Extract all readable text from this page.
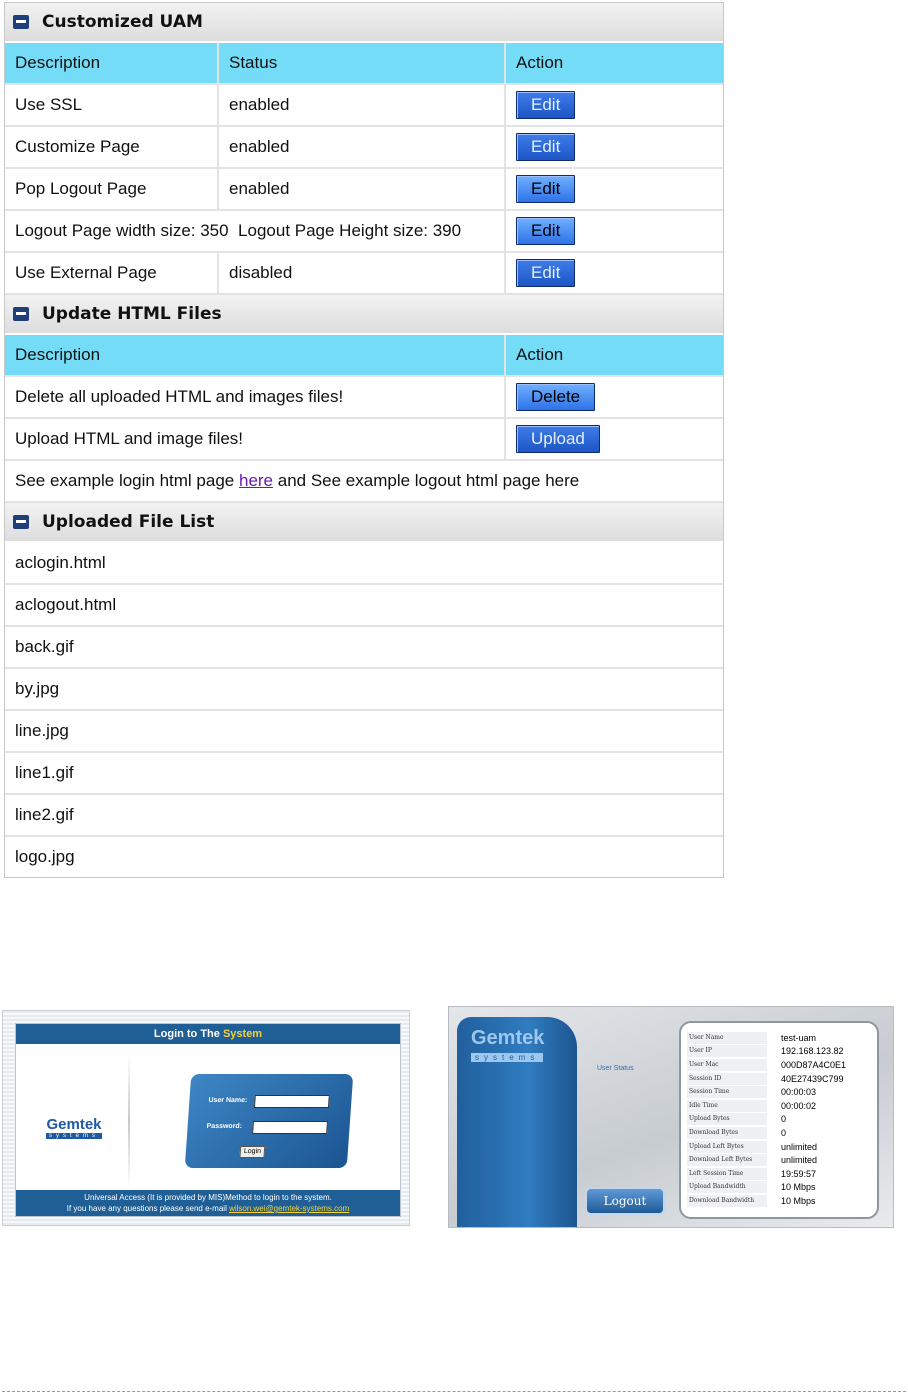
Customized UAM
Description	Status	Action
Use SSL	enabled	Edit
Customize Page	enabled	Edit
Pop Logout Page	enabled	Edit
Logout Page width size: 350  Logout Page Height size: 390	Edit
Use External Page	disabled	Edit
Update HTML Files
Description	Action
Delete all uploaded HTML and images files!	Delete
Upload HTML and image files!	Upload
See example login html page here and See example logout html page here
Uploaded File List
aclogin.html
aclogout.html
back.gif
by.jpg
line.jpg
line1.gif
line2.gif
logo.jpg
Login to The System
Gemtek
systems
User Name:
Password:
Login
Universal Access (It is provided by MIS)Method to login to the system.
If you have any questions please send e-mail wilson.wei@gemtek-systems.com
Gemtek
systems
User Status
Logout
User Name	test-uam
User IP	192.168.123.82
User Mac	000D87A4C0E1
Session ID	40E27439C799
Session Time	00:00:03
Idle Time	00:00:02
Upload Bytes	0
Download Bytes	0
Upload Left Bytes	unlimited
Download Left Bytes	unlimited
Left Session Time	19:59:57
Upload Bandwidth	10 Mbps
Download Bandwidth	10 Mbps
